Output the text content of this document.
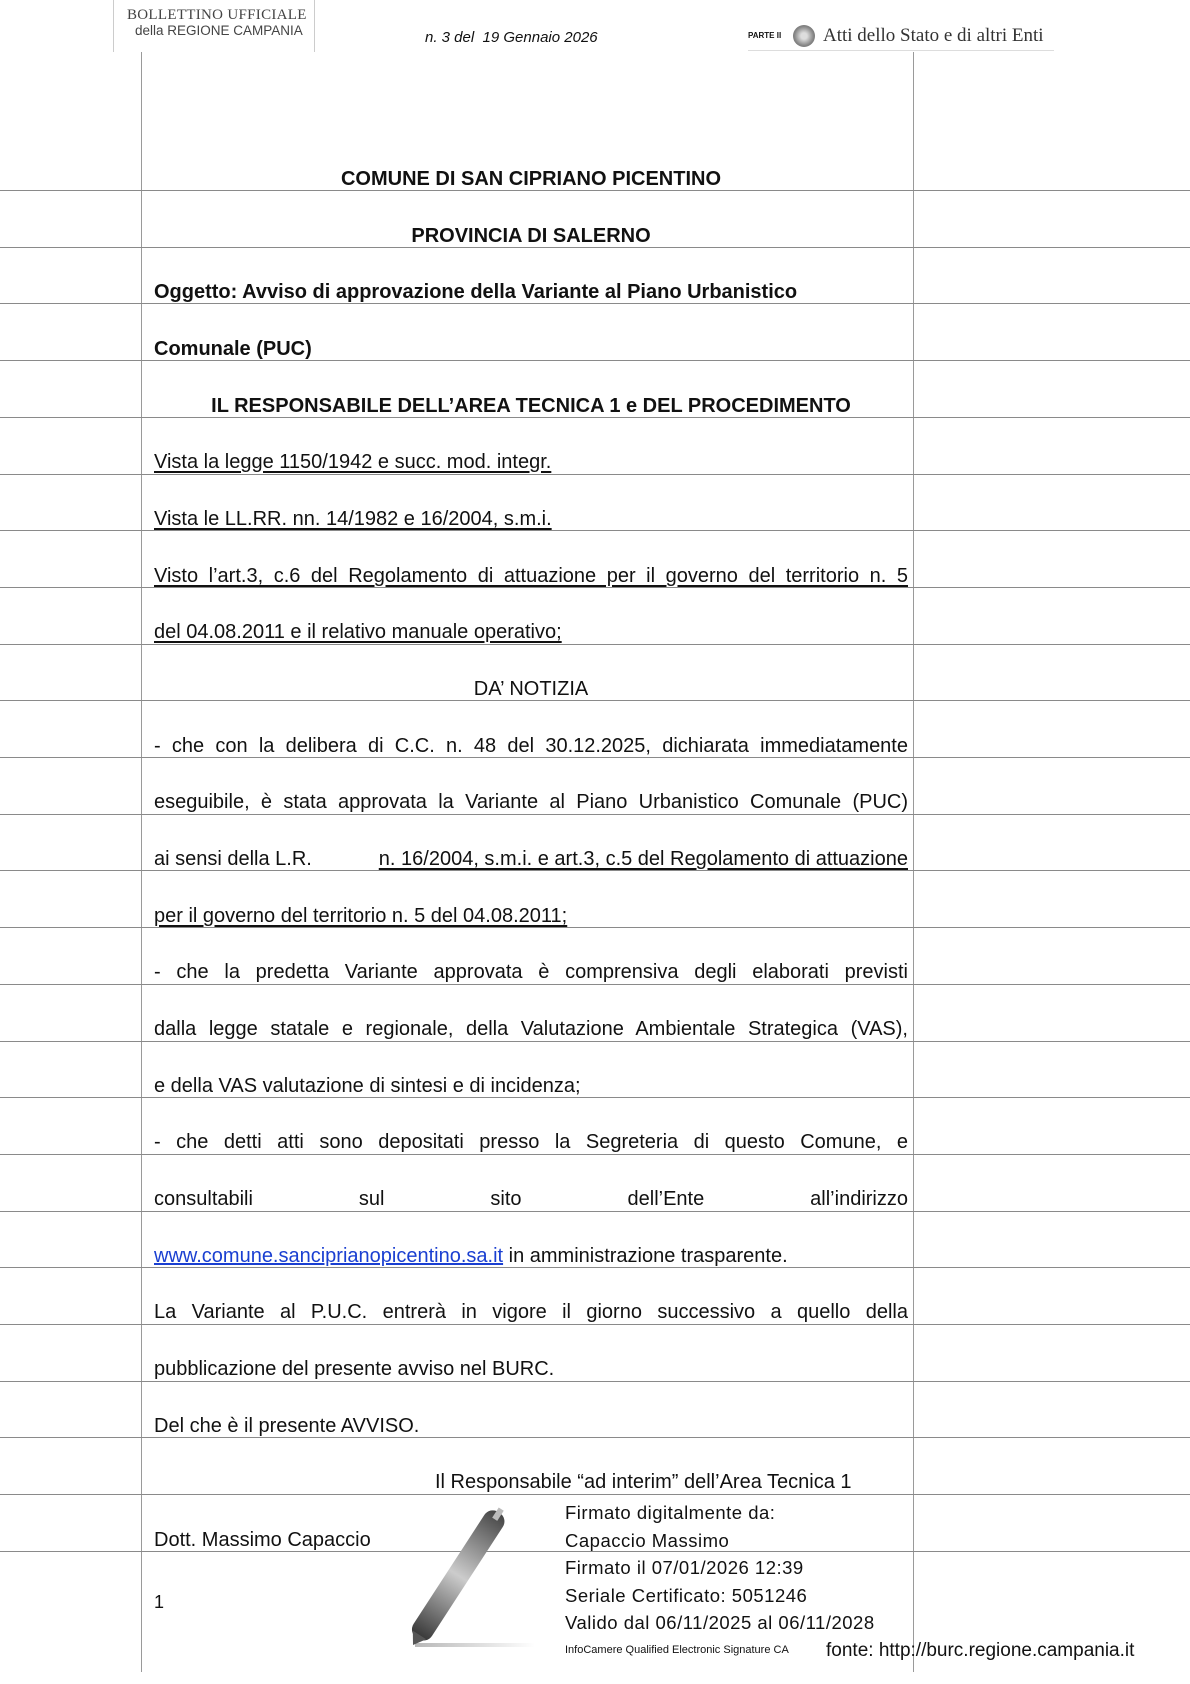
BOLLETTINO UFFICIALE
della REGIONE CAMPANIA	n. 3 del  19 Gennaio 2026	PARTE II Atti dello Stato e di altri Enti
COMUNE DI SAN CIPRIANO PICENTINO
PROVINCIA DI SALERNO
Oggetto: Avviso di approvazione della Variante al Piano Urbanistico
Comunale (PUC)
IL RESPONSABILE DELL’AREA TECNICA 1 e DEL PROCEDIMENTO
Vista la legge 1150/1942 e succ. mod. integr.
Vista le LL.RR. nn. 14/1982 e 16/2004, s.m.i.
Visto l’art.3, c.6 del Regolamento di attuazione per il governo del territorio n. 5
del 04.08.2011 e il relativo manuale operativo;
DA’ NOTIZIA
- che con la delibera di C.C. n. 48 del 30.12.2025, dichiarata immediatamente
eseguibile, è stata approvata la Variante al Piano Urbanistico Comunale (PUC)
ai sensi della L.R.	n. 16/2004, s.m.i. e art.3, c.5 del Regolamento di attuazione
per il governo del territorio n. 5 del 04.08.2011;
- che la predetta Variante approvata è comprensiva degli elaborati previsti
dalla legge statale e regionale, della Valutazione Ambientale Strategica (VAS),
e della VAS valutazione di sintesi e di incidenza;
- che detti atti sono depositati presso la Segreteria di questo Comune, e
consultabili sul sito dell’Ente all’indirizzo
www.comune.sanciprianopicentino.sa.it in amministrazione trasparente.
La Variante al P.U.C. entrerà in vigore il giorno successivo a quello della
pubblicazione del presente avviso nel BURC.
Del che è il presente AVVISO.
Il Responsabile “ad interim” dell’Area Tecnica 1
Dott. Massimo Capaccio
1
Firmato digitalmente da:
Capaccio Massimo
Firmato il 07/01/2026 12:39
Seriale Certificato: 5051246
Valido dal 06/11/2025 al 06/11/2028
InfoCamere Qualified Electronic Signature CA fonte: http://burc.regione.campania.it
